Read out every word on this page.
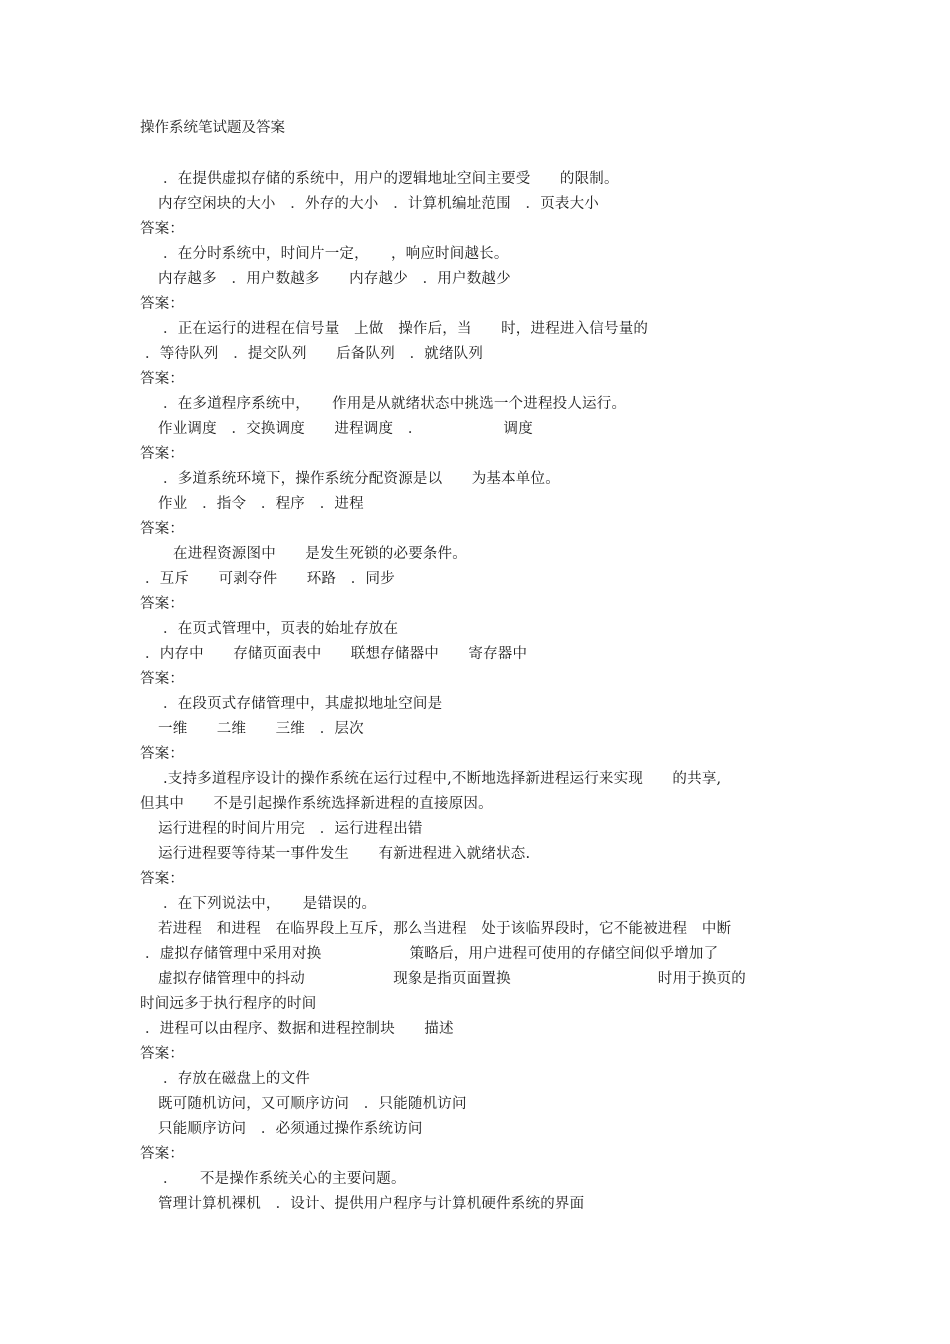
操作系统笔试题及答案
．在提供虚拟存储的系统中，用户的逻辑地址空间主要受　　的限制。
内存空闲块的大小　．外存的大小　．计算机编址范围　．页表大小
答案：
．在分时系统中，时间片一定，　　，响应时间越长。
内存越多　．用户数越多　　内存越少　．用户数越少
答案：
．正在运行的进程在信号量　上做　操作后，当　　时，进程进入信号量的
．等待队列　．提交队列　　后备队列　．就绪队列
答案：
．在多道程序系统中，　　作用是从就绪状态中挑选一个进程投人运行。
作业调度　．交换调度　　进程调度　．　　　　　　调度
答案：
．多道系统环境下，操作系统分配资源是以　　为基本单位。
作业　．指令　．程序　．进程
答案：
在进程资源图中　　是发生死锁的必要条件。
．互斥　　可剥夺件　　环路　．同步
答案：
．在页式管理中，页表的始址存放在
．内存中　　存储页面表中　　联想存储器中　　寄存器中
答案：
．在段页式存储管理中，其虚拟地址空间是
一维　　二维　　三维　．层次
答案：
.支持多道程序设计的操作系统在运行过程中,不断地选择新进程运行来实现　　的共享,
但其中　　不是引起操作系统选择新进程的直接原因。
运行进程的时间片用完　．运行进程出错
运行进程要等待某一事件发生　　有新进程进入就绪状态.
答案：
．在下列说法中，　　是错误的。
若进程　和进程　在临界段上互斥，那么当进程　处于该临界段时，它不能被进程　中断
．虚拟存储管理中采用对换　　　　　　策略后，用户进程可使用的存储空间似乎增加了
虚拟存储管理中的抖动　　　　　　现象是指页面置换　　　　　　　　　　时用于换页的
时间远多于执行程序的时间
．进程可以由程序、数据和进程控制块　　描述
答案：
．存放在磁盘上的文件
既可随机访问，又可顺序访问　．只能随机访问
只能顺序访问　．必须通过操作系统访问
答案：
．　　不是操作系统关心的主要问题。
管理计算机裸机　．设计、提供用户程序与计算机硬件系统的界面
